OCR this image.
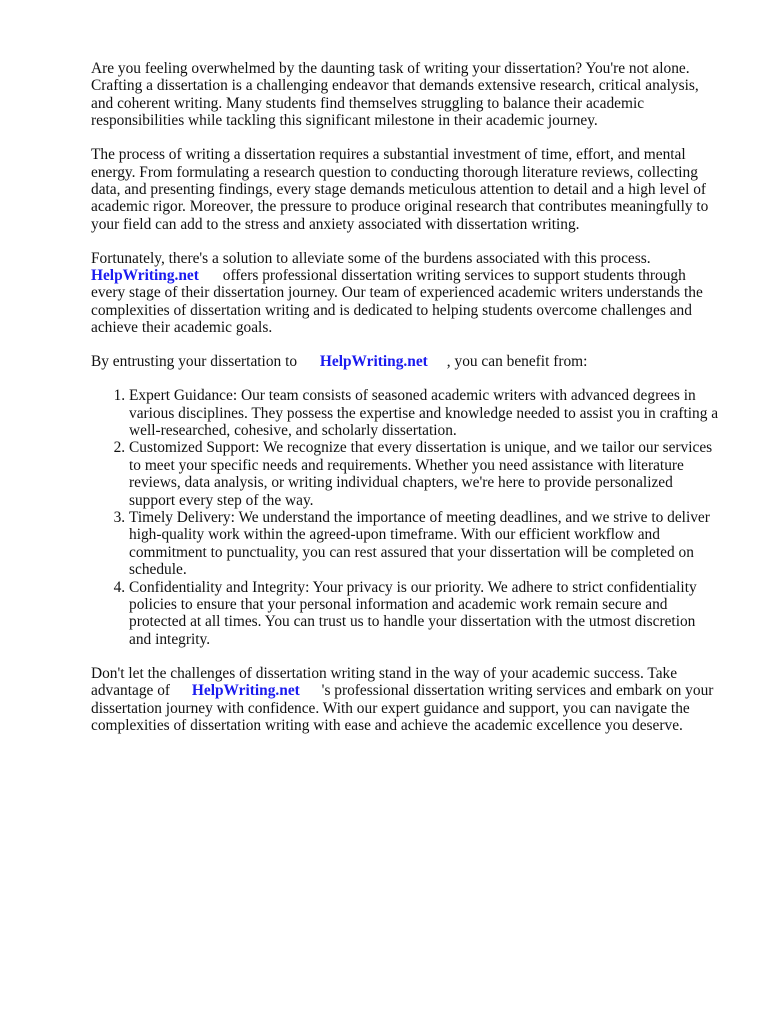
Are you feeling overwhelmed by the daunting task of writing your dissertation? You're not alone. Crafting a dissertation is a challenging endeavor that demands extensive research, critical analysis, and coherent writing. Many students find themselves struggling to balance their academic responsibilities while tackling this significant milestone in their academic journey.

The process of writing a dissertation requires a substantial investment of time, effort, and mental energy. From formulating a research question to conducting thorough literature reviews, collecting data, and presenting findings, every stage demands meticulous attention to detail and a high level of academic rigor. Moreover, the pressure to produce original research that contributes meaningfully to your field can add to the stress and anxiety associated with dissertation writing.

Fortunately, there's a solution to alleviate some of the burdens associated with this process.
HelpWriting.net offers professional dissertation writing services to support students through every stage of their dissertation journey. Our team of experienced academic writers understands the complexities of dissertation writing and is dedicated to helping students overcome challenges and achieve their academic goals.

By entrusting your dissertation to HelpWriting.net , you can benefit from:

1. Expert Guidance: Our team consists of seasoned academic writers with advanced degrees in various disciplines. They possess the expertise and knowledge needed to assist you in crafting a well-researched, cohesive, and scholarly dissertation.
2. Customized Support: We recognize that every dissertation is unique, and we tailor our services to meet your specific needs and requirements. Whether you need assistance with literature reviews, data analysis, or writing individual chapters, we're here to provide personalized support every step of the way.
3. Timely Delivery: We understand the importance of meeting deadlines, and we strive to deliver high-quality work within the agreed-upon timeframe. With our efficient workflow and commitment to punctuality, you can rest assured that your dissertation will be completed on schedule.
4. Confidentiality and Integrity: Your privacy is our priority. We adhere to strict confidentiality policies to ensure that your personal information and academic work remain secure and protected at all times. You can trust us to handle your dissertation with the utmost discretion and integrity.

Don't let the challenges of dissertation writing stand in the way of your academic success. Take advantage of HelpWriting.net 's professional dissertation writing services and embark on your dissertation journey with confidence. With our expert guidance and support, you can navigate the complexities of dissertation writing with ease and achieve the academic excellence you deserve.
